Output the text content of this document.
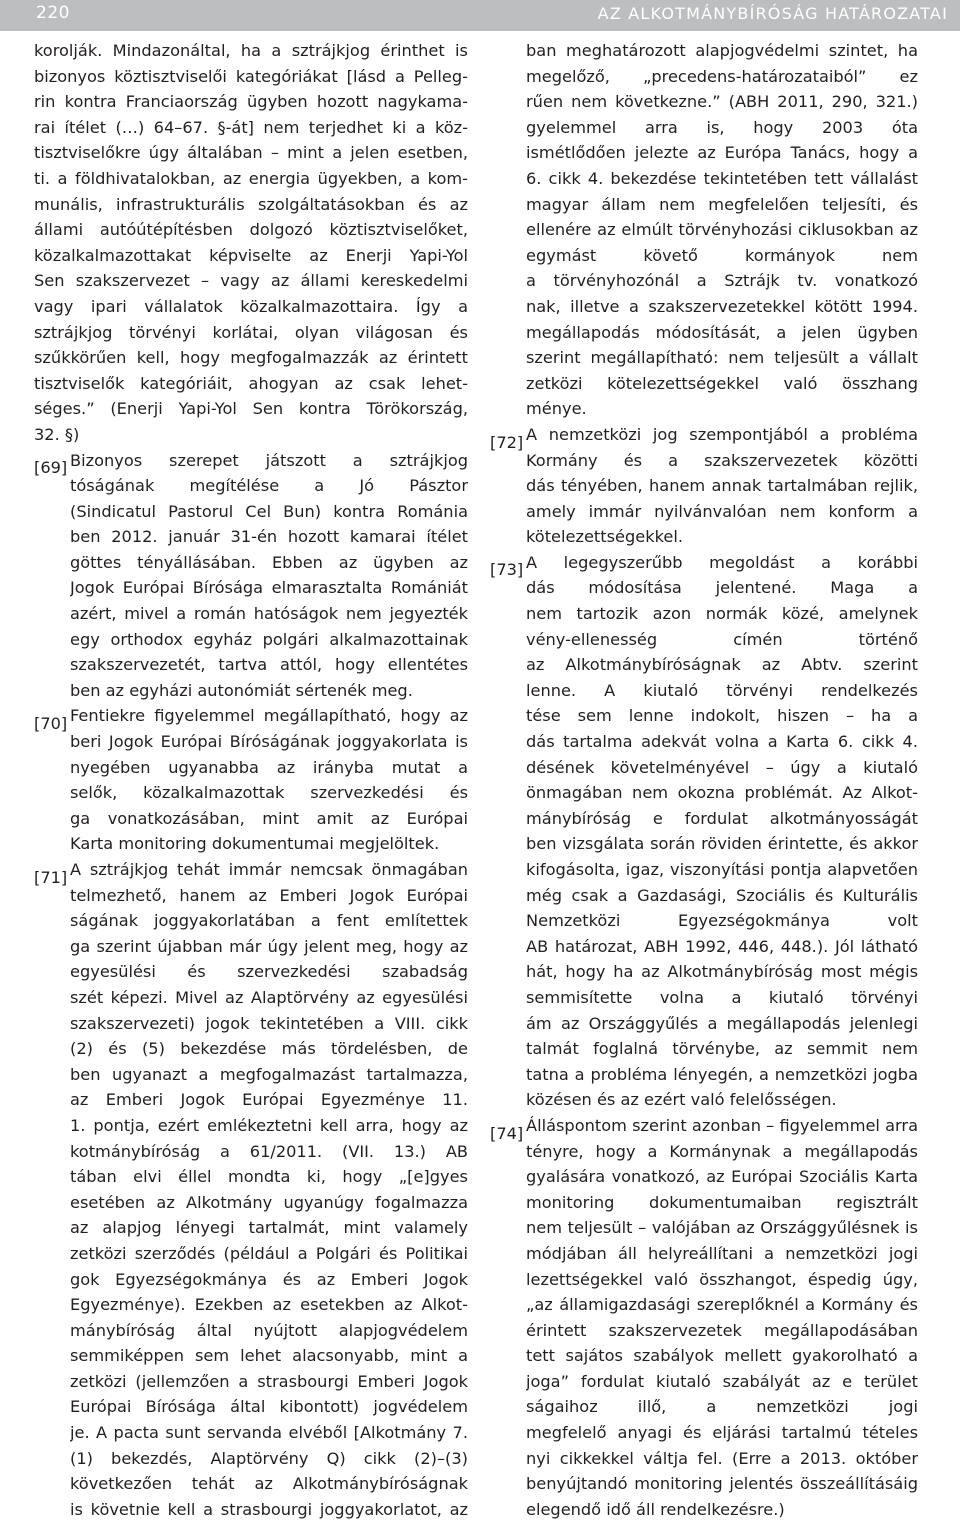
220	AZ ALKOTMÁNYBÍRÓSÁG HATÁROZATAI
korolják. Mindazonáltal, ha a sztrájkjog érinthet is
bizonyos köztisztviselői kategóriákat [lásd a Pelleg-
rin kontra Franciaország ügyben hozott nagykama-
rai ítélet (…) 64–67. §-át] nem terjedhet ki a köz-
tisztviselőkre úgy általában – mint a jelen esetben,
ti. a földhivatalokban, az energia ügyekben, a kom-
munális, infrastrukturális szolgáltatásokban és az
állami autóútépítésben dolgozó köztisztviselőket,
közalkalmazottakat képviselte az Enerji Yapi-Yol
Sen szakszervezet – vagy az állami kereskedelmi
vagy ipari vállalatok közalkalmazottaira. Így a
sztrájkjog törvényi korlátai, olyan világosan és
szűkkörűen kell, hogy megfogalmazzák az érintett
tisztviselők kategóriáit, ahogyan az csak lehet-
séges.” (Enerji Yapi-Yol Sen kontra Törökország,
32. §)
[69] Bizonyos szerepet játszott a sztrájkjog
tóságának megítélése a Jó Pásztor
(Sindicatul Pastorul Cel Bun) kontra Románia
ben 2012. január 31-én hozott kamarai ítélet
göttes tényállásában. Ebben az ügyben az
Jogok Európai Bírósága elmarasztalta Romániát
azért, mivel a román hatóságok nem jegyezték
egy orthodox egyház polgári alkalmazottainak
szakszervezetét, tartva attól, hogy ellentétes
ben az egyházi autonómiát sértenék meg.
[70] Fentiekre figyelemmel megállapítható, hogy az
beri Jogok Európai Bíróságának joggyakorlata is
nyegében ugyanabba az irányba mutat a
selők, közalkalmazottak szervezkedési és
ga vonatkozásában, mint amit az Európai
Karta monitoring dokumentumai megjelöltek.
[71] A sztrájkjog tehát immár nemcsak önmagában
telmezhető, hanem az Emberi Jogok Európai
ságának joggyakorlatában a fent említettek
ga szerint újabban már úgy jelent meg, hogy az
egyesülési és szervezkedési szabadság
szét képezi. Mivel az Alaptörvény az egyesülési
szakszervezeti) jogok tekintetében a VIII. cikk
(2) és (5) bekezdése más tördelésben, de
ben ugyanazt a megfogalmazást tartalmazza,
az Emberi Jogok Európai Egyezménye 11.
1. pontja, ezért emlékeztetni kell arra, hogy az
kotmánybíróság a 61/2011. (VII. 13.) AB
tában elvi éllel mondta ki, hogy „[e]gyes
esetében az Alkotmány ugyanúgy fogalmazza
az alapjog lényegi tartalmát, mint valamely
zetközi szerződés (például a Polgári és Politikai
gok Egyezségokmánya és az Emberi Jogok
Egyezménye). Ezekben az esetekben az Alkot-
mánybíróság által nyújtott alapjogvédelem
semmiképpen sem lehet alacsonyabb, mint a
zetközi (jellemzően a strasbourgi Emberi Jogok
Európai Bírósága által kibontott) jogvédelem
je. A pacta sunt servanda elvéből [Alkotmány 7.
(1) bekezdés, Alaptörvény Q) cikk (2)–(3)
következően tehát az Alkotmánybíróságnak
is követnie kell a strasbourgi joggyakorlatot, az
ban meghatározott alapjogvédelmi szintet, ha
megelőző, „precedens-határozataiból” ez
rűen nem következne.” (ABH 2011, 290, 321.)
gyelemmel arra is, hogy 2003 óta
ismétlődően jelezte az Európa Tanács, hogy a
6. cikk 4. bekezdése tekintetében tett vállalást
magyar állam nem megfelelően teljesíti, és
ellenére az elmúlt törvényhozási ciklusokban az
egymást követő kormányok nem
a törvényhozónál a Sztrájk tv. vonatkozó
nak, illetve a szakszervezetekkel kötött 1994.
megállapodás módosítását, a jelen ügyben
szerint megállapítható: nem teljesült a vállalt
zetközi kötelezettségekkel való összhang
ménye.
[72] A nemzetközi jog szempontjából a probléma
Kormány és a szakszervezetek közötti
dás tényében, hanem annak tartalmában rejlik,
amely immár nyilvánvalóan nem konform a
kötelezettségekkel.
[73] A legegyszerűbb megoldást a korábbi
dás módosítása jelentené. Maga a
nem tartozik azon normák közé, amelynek
vény-ellenesség címén történő
az Alkotmánybíróságnak az Abtv. szerint
lenne. A kiutaló törvényi rendelkezés
tése sem lenne indokolt, hiszen – ha a
dás tartalma adekvát volna a Karta 6. cikk 4.
désének követelményével – úgy a kiutaló
önmagában nem okozna problémát. Az Alkot-
mánybíróság e fordulat alkotmányosságát
ben vizsgálata során röviden érintette, és akkor
kifogásolta, igaz, viszonyítási pontja alapvetően
még csak a Gazdasági, Szociális és Kulturális
Nemzetközi Egyezségokmánya volt
AB határozat, ABH 1992, 446, 448.). Jól látható
hát, hogy ha az Alkotmánybíróság most mégis
semmisítette volna a kiutaló törvényi
ám az Országgyűlés a megállapodás jelenlegi
talmát foglalná törvénybe, az semmit nem
tatna a probléma lényegén, a nemzetközi jogba
közésen és az ezért való felelősségen.
[74] Álláspontom szerint azonban – figyelemmel arra
tényre, hogy a Kormánynak a megállapodás
gyalására vonatkozó, az Európai Szociális Karta
monitoring dokumentumaiban regisztrált
nem teljesült – valójában az Országgyűlésnek is
módjában áll helyreállítani a nemzetközi jogi
lezettségekkel való összhangot, éspedig úgy,
„az államigazdasági szereplőknél a Kormány és
érintett szakszervezetek megállapodásában
tett sajátos szabályok mellett gyakorolható a
joga” fordulat kiutaló szabályát az e terület
ságaihoz illő, a nemzetközi jogi
megfelelő anyagi és eljárási tartalmú tételes
nyi cikkekkel váltja fel. (Erre a 2013. október
benyújtandó monitoring jelentés összeállításáig
elegendő idő áll rendelkezésre.)
